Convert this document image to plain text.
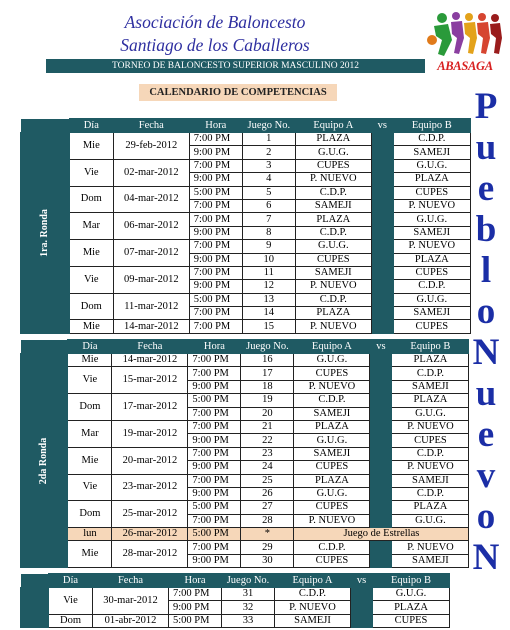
Asociación de Baloncesto
Santiago de los Caballeros
TORNEO DE BALONCESTO SUPERIOR MASCULINO 2012	ABASAGA
CALENDARIO DE COMPETENCIAS	P
u
e
b
l
o
N
u
e
v
o
N
	Día	Fecha	Hora	Juego No.	Equipo A	vs	Equipo B
1ra. Ronda	Mie	29-feb-2012	7:00 PM	1	PLAZA		C.D.P.
			9:00 PM	2	G.U.G.		SAMEJI
	Vie	02-mar-2012	7:00 PM	3	CUPES		G.U.G.
			9:00 PM	4	P. NUEVO		PLAZA
	Dom	04-mar-2012	5:00 PM	5	C.D.P.		CUPES
			7:00 PM	6	SAMEJI		P. NUEVO
	Mar	06-mar-2012	7:00 PM	7	PLAZA		G.U.G.
			9:00 PM	8	C.D.P.		SAMEJI
	Mie	07-mar-2012	7:00 PM	9	G.U.G.		P. NUEVO
			9:00 PM	10	CUPES		PLAZA
	Vie	09-mar-2012	7:00 PM	11	SAMEJI		CUPES
			9:00 PM	12	P. NUEVO		C.D.P.
	Dom	11-mar-2012	5:00 PM	13	C.D.P.		G.U.G.
			7:00 PM	14	PLAZA		SAMEJI
	Mie	14-mar-2012	7:00 PM	15	P. NUEVO		CUPES
	Día	Fecha	Hora	Juego No.	Equipo A	vs	Equipo B
2da Ronda	Mie	14-mar-2012	7:00 PM	16	G.U.G.		PLAZA
	Vie	15-mar-2012	7:00 PM	17	CUPES		C.D.P.
			9:00 PM	18	P. NUEVO		SAMEJI
	Dom	17-mar-2012	5:00 PM	19	C.D.P.		PLAZA
			7:00 PM	20	SAMEJI		G.U.G.
	Mar	19-mar-2012	7:00 PM	21	PLAZA		P. NUEVO
			9:00 PM	22	G.U.G.		CUPES
	Mie	20-mar-2012	7:00 PM	23	SAMEJI		C.D.P.
			9:00 PM	24	CUPES		P. NUEVO
	Vie	23-mar-2012	7:00 PM	25	PLAZA		SAMEJI
			9:00 PM	26	G.U.G.		C.D.P.
	Dom	25-mar-2012	5:00 PM	27	CUPES		PLAZA
			7:00 PM	28	P. NUEVO		G.U.G.
	lun	26-mar-2012	5:00 PM	*	Juego de Estrellas		
	Mie	28-mar-2012	7:00 PM	29	C.D.P.		P. NUEVO
			9:00 PM	30	CUPES		SAMEJI
	Día	Fecha	Hora	Juego No.	Equipo A	vs	Equipo B
	Vie	30-mar-2012	7:00 PM	31	C.D.P.		G.U.G.
			9:00 PM	32	P. NUEVO		PLAZA
	Dom	01-abr-2012	5:00 PM	33	SAMEJI		CUPES
